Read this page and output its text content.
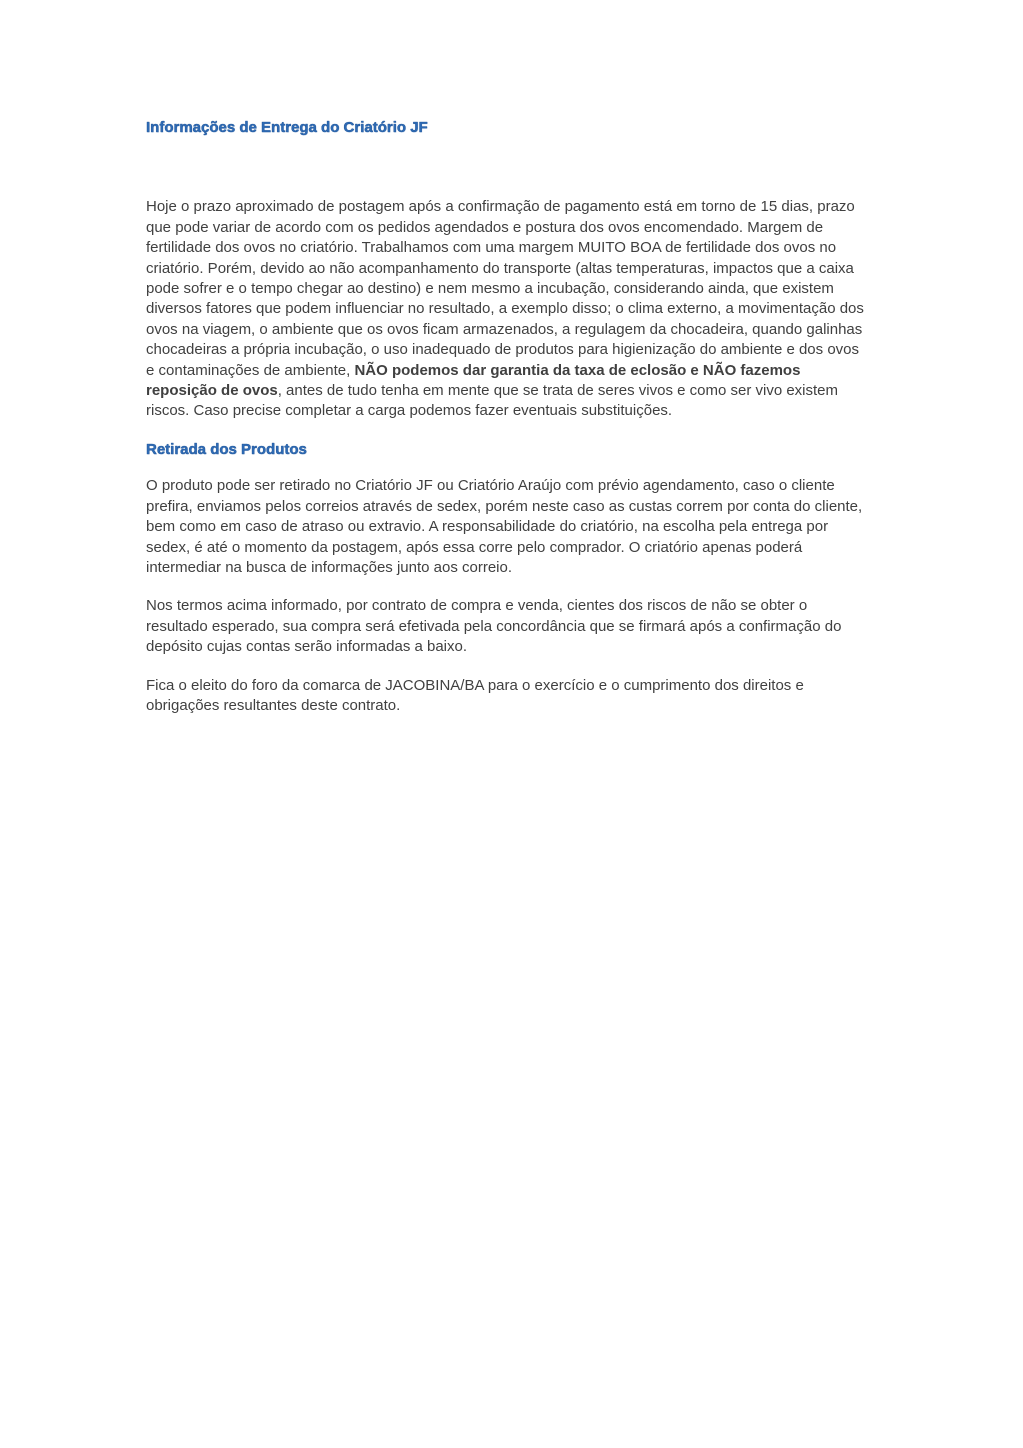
Informações de Entrega do Criatório JF

Hoje o prazo aproximado de postagem após a confirmação de pagamento está em torno de 15 dias, prazo que pode variar de acordo com os pedidos agendados e postura dos ovos encomendado. Margem de fertilidade dos ovos no criatório. Trabalhamos com uma margem MUITO BOA de fertilidade dos ovos no criatório. Porém, devido ao não acompanhamento do transporte (altas temperaturas, impactos que a caixa pode sofrer e o tempo chegar ao destino) e nem mesmo a incubação, considerando ainda, que existem diversos fatores que podem influenciar no resultado, a exemplo disso; o clima externo, a movimentação dos ovos na viagem, o ambiente que os ovos ficam armazenados, a regulagem da chocadeira, quando galinhas chocadeiras a própria incubação, o uso inadequado de produtos para higienização do ambiente e dos ovos e contaminações de ambiente, NÃO podemos dar garantia da taxa de eclosão e NÃO fazemos reposição de ovos, antes de tudo tenha em mente que se trata de seres vivos e como ser vivo existem riscos. Caso precise completar a carga podemos fazer eventuais substituições.

Retirada dos Produtos

O produto pode ser retirado no Criatório JF ou Criatório Araújo com prévio agendamento, caso o cliente prefira, enviamos pelos correios através de sedex, porém neste caso as custas correm por conta do cliente, bem como em caso de atraso ou extravio. A responsabilidade do criatório, na escolha pela entrega por sedex, é até o momento da postagem, após essa corre pelo comprador. O criatório apenas poderá intermediar na busca de informações junto aos correio.

Nos termos acima informado, por contrato de compra e venda, cientes dos riscos de não se obter o resultado esperado, sua compra será efetivada pela concordância que se firmará após a confirmação do depósito cujas contas serão informadas a baixo.

Fica o eleito do foro da comarca de JACOBINA/BA para o exercício e o cumprimento dos direitos e obrigações resultantes deste contrato.
